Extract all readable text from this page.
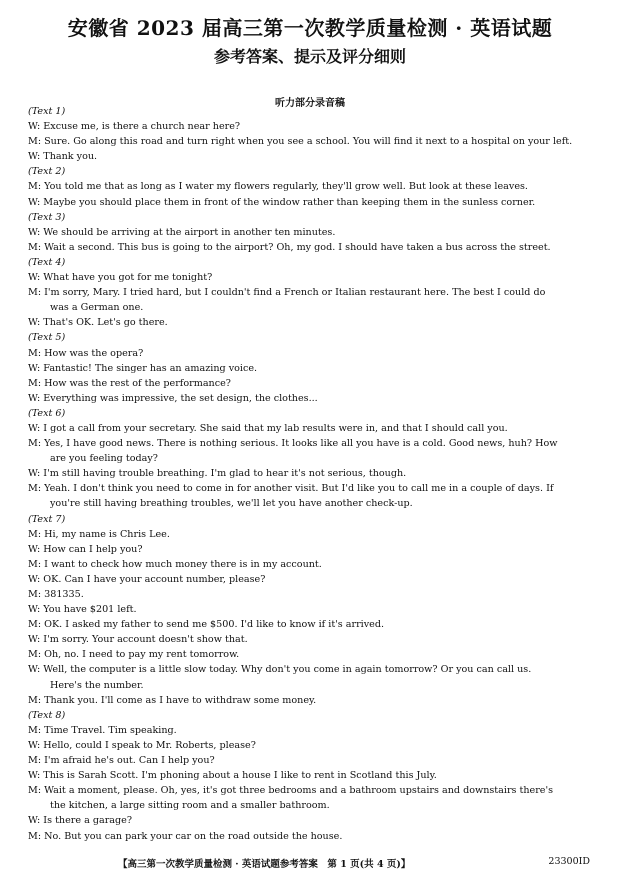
安徽省 2023 届高三第一次教学质量检测 · 英语试题
参考答案、提示及评分细则
听力部分录音稿
(Text 1)
W: Excuse me, is there a church near here?
M: Sure. Go along this road and turn right when you see a school. You will find it next to a hospital on your left.
W: Thank you.
(Text 2)
M: You told me that as long as I water my flowers regularly, they'll grow well. But look at these leaves.
W: Maybe you should place them in front of the window rather than keeping them in the sunless corner.
(Text 3)
W: We should be arriving at the airport in another ten minutes.
M: Wait a second. This bus is going to the airport? Oh, my god. I should have taken a bus across the street.
(Text 4)
W: What have you got for me tonight?
M: I'm sorry, Mary. I tried hard, but I couldn't find a French or Italian restaurant here. The best I could do
was a German one.
W: That's OK. Let's go there.
(Text 5)
M: How was the opera?
W: Fantastic! The singer has an amazing voice.
M: How was the rest of the performance?
W: Everything was impressive, the set design, the clothes...
(Text 6)
W: I got a call from your secretary. She said that my lab results were in, and that I should call you.
M: Yes, I have good news. There is nothing serious. It looks like all you have is a cold. Good news, huh? How
are you feeling today?
W: I'm still having trouble breathing. I'm glad to hear it's not serious, though.
M: Yeah. I don't think you need to come in for another visit. But I'd like you to call me in a couple of days. If
you're still having breathing troubles, we'll let you have another check-up.
(Text 7)
M: Hi, my name is Chris Lee.
W: How can I help you?
M: I want to check how much money there is in my account.
W: OK. Can I have your account number, please?
M: 381335.
W: You have $201 left.
M: OK. I asked my father to send me $500. I'd like to know if it's arrived.
W: I'm sorry. Your account doesn't show that.
M: Oh, no. I need to pay my rent tomorrow.
W: Well, the computer is a little slow today. Why don't you come in again tomorrow? Or you can call us.
Here's the number.
M: Thank you. I'll come as I have to withdraw some money.
(Text 8)
M: Time Travel. Tim speaking.
W: Hello, could I speak to Mr. Roberts, please?
M: I'm afraid he's out. Can I help you?
W: This is Sarah Scott. I'm phoning about a house I like to rent in Scotland this July.
M: Wait a moment, please. Oh, yes, it's got three bedrooms and a bathroom upstairs and downstairs there's
the kitchen, a large sitting room and a smaller bathroom.
W: Is there a garage?
M: No. But you can park your car on the road outside the house.
【高三第一次教学质量检测 · 英语试题参考答案　第 1 页(共 4 页)】	23300ID
